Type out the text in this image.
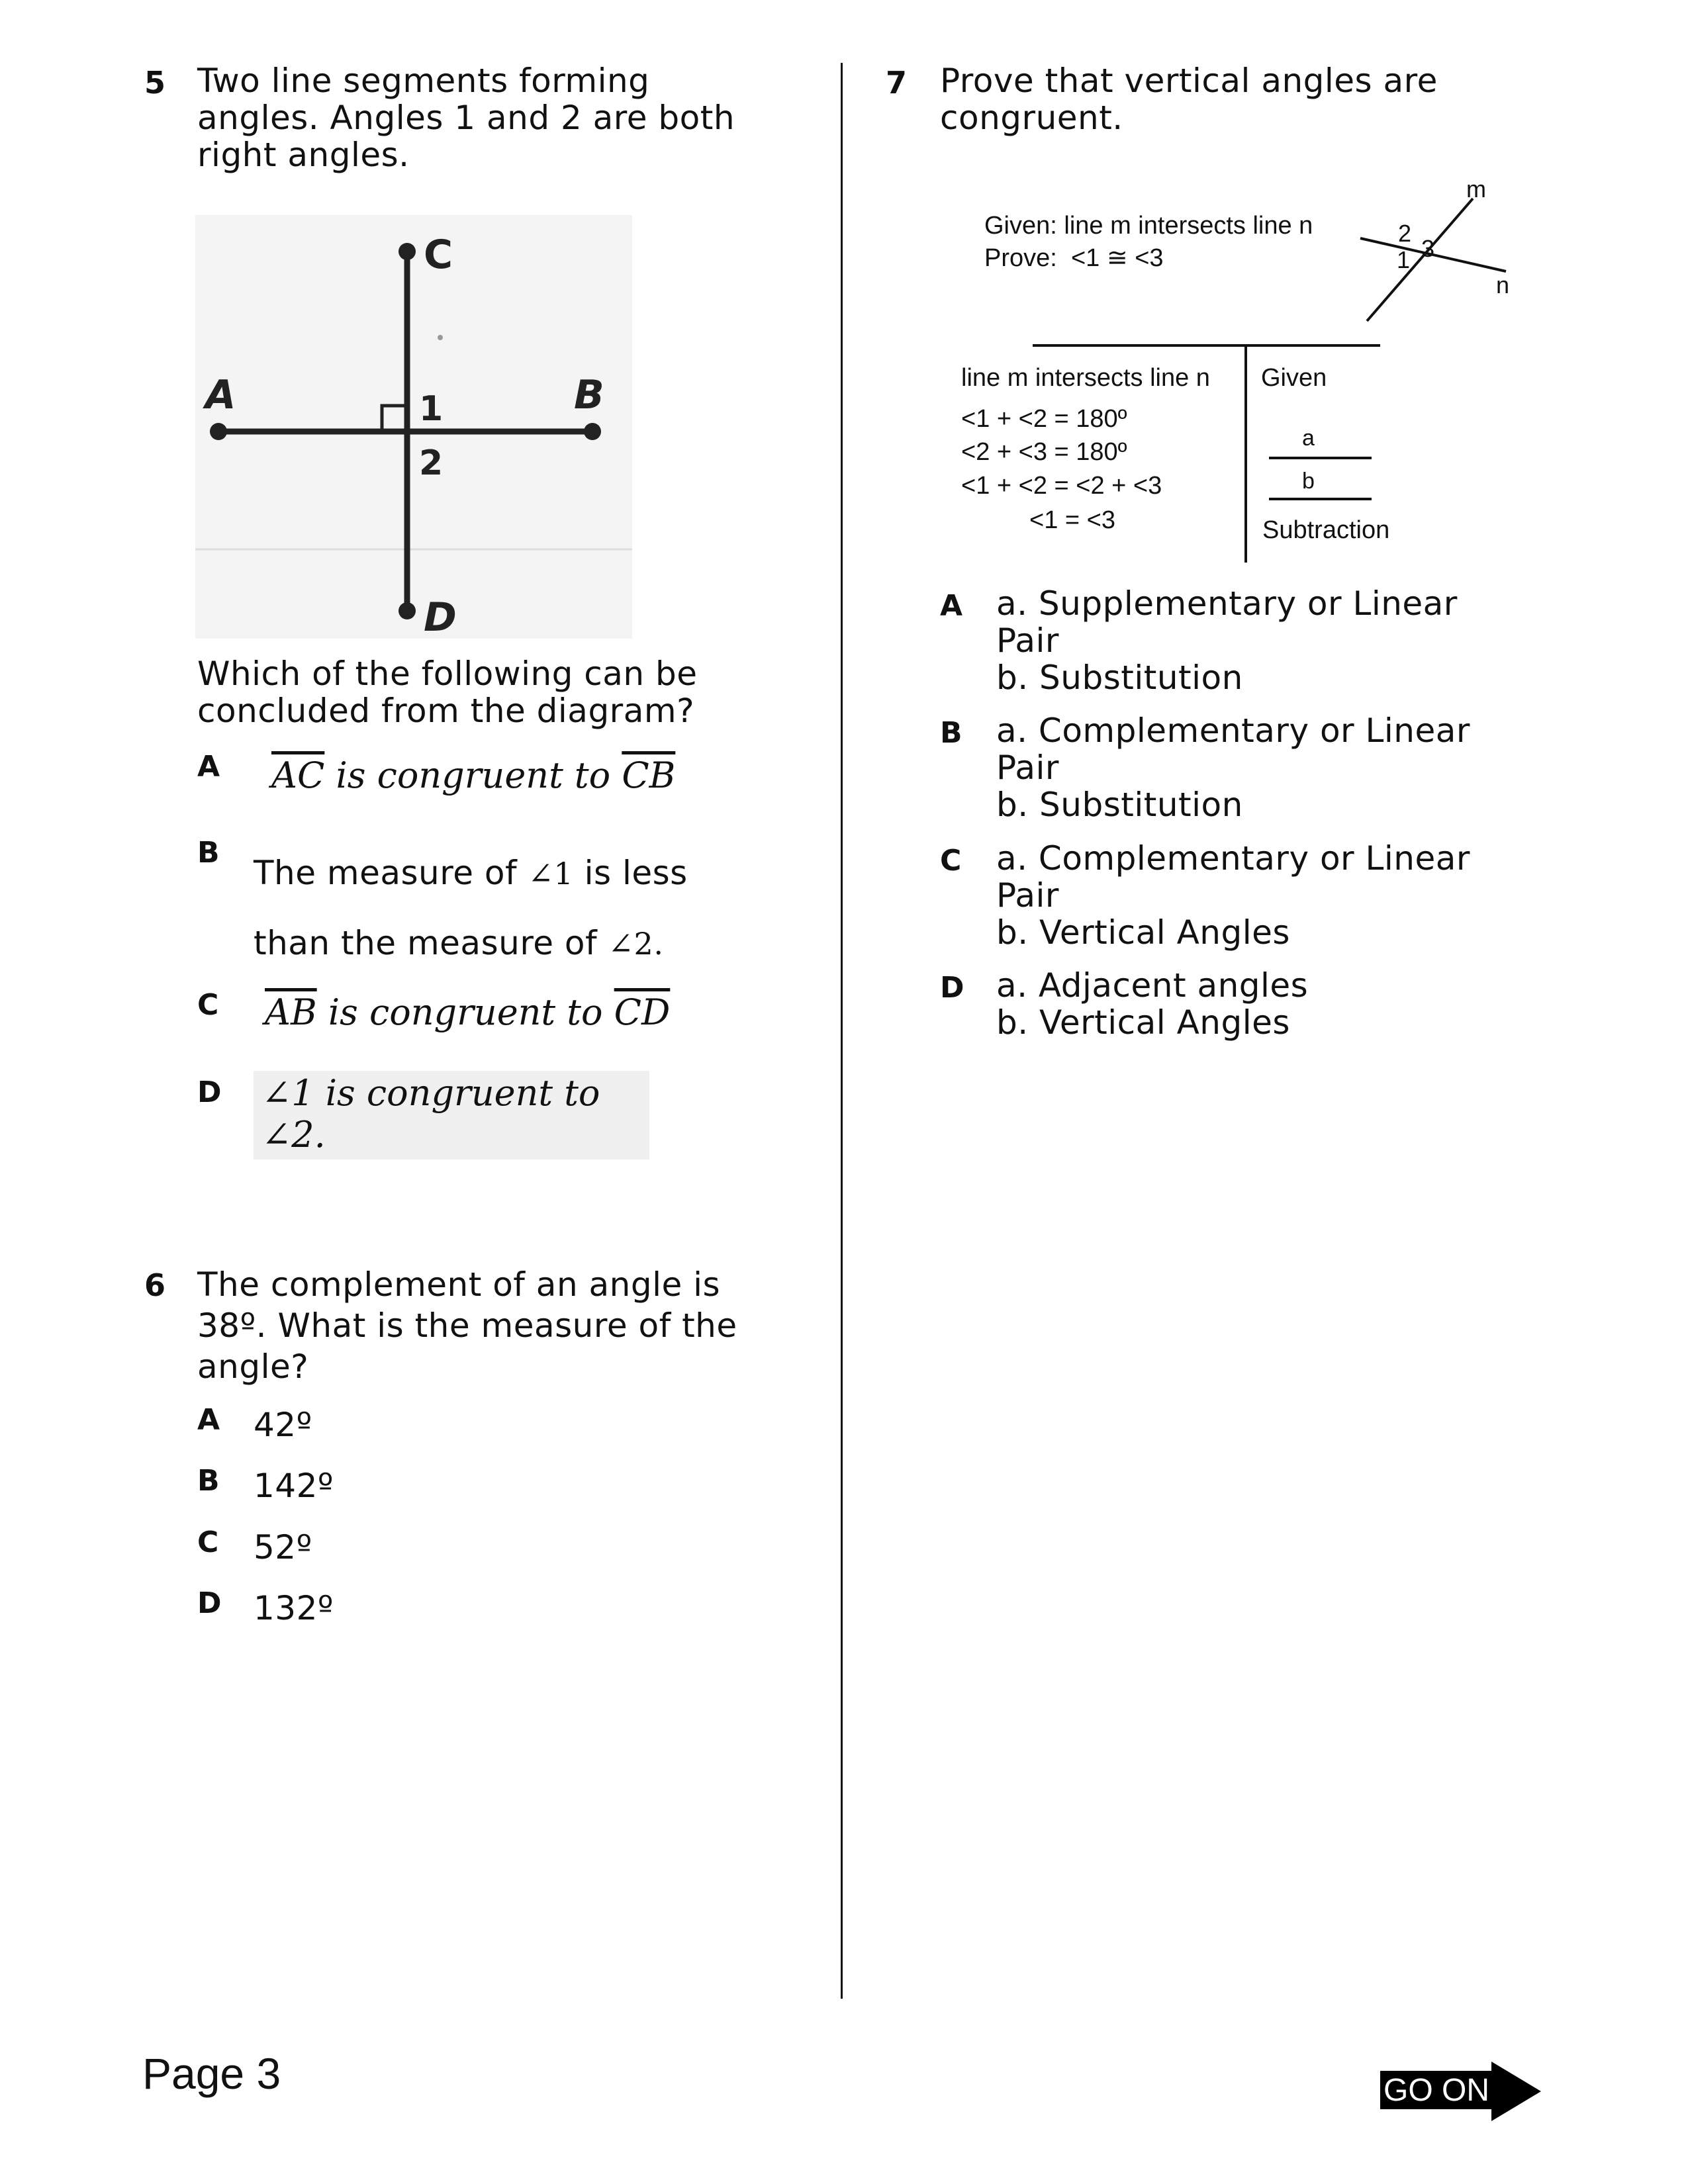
5 Two line segments forming
angles. Angles 1 and 2 are both
right angles.
A	B
C
D
1
2
Which of the following can be
concluded from the diagram?
A $\overline{AC}$ is congruent to $\overline{CB}$
B
The measure of ∠1 is less
than the measure of ∠2.
C $\overline{AB}$ is congruent to $\overline{CD}$
D ∠1 is congruent to ∠2.
6 The complement of an angle is
38º. What is the measure of the
angle?
A 42º
B 142º
C 52º
D 132º
7 Prove that vertical angles are
congruent.
Given: line m intersects line n
Prove:  <1 ≅ <3
m
n
2
3
1
line m intersects line n
<1 + <2 = 180º
<2 + <3 = 180º
<1 + <2 = <2 + <3
<1 = <3
Given
a
b
Subtraction
A a. Supplementary or Linear
Pair
b. Substitution
B a. Complementary or Linear
Pair
b. Substitution
C a. Complementary or Linear
Pair
b. Vertical Angles
D a. Adjacent angles
b. Vertical Angles
Page 3	GO ON
